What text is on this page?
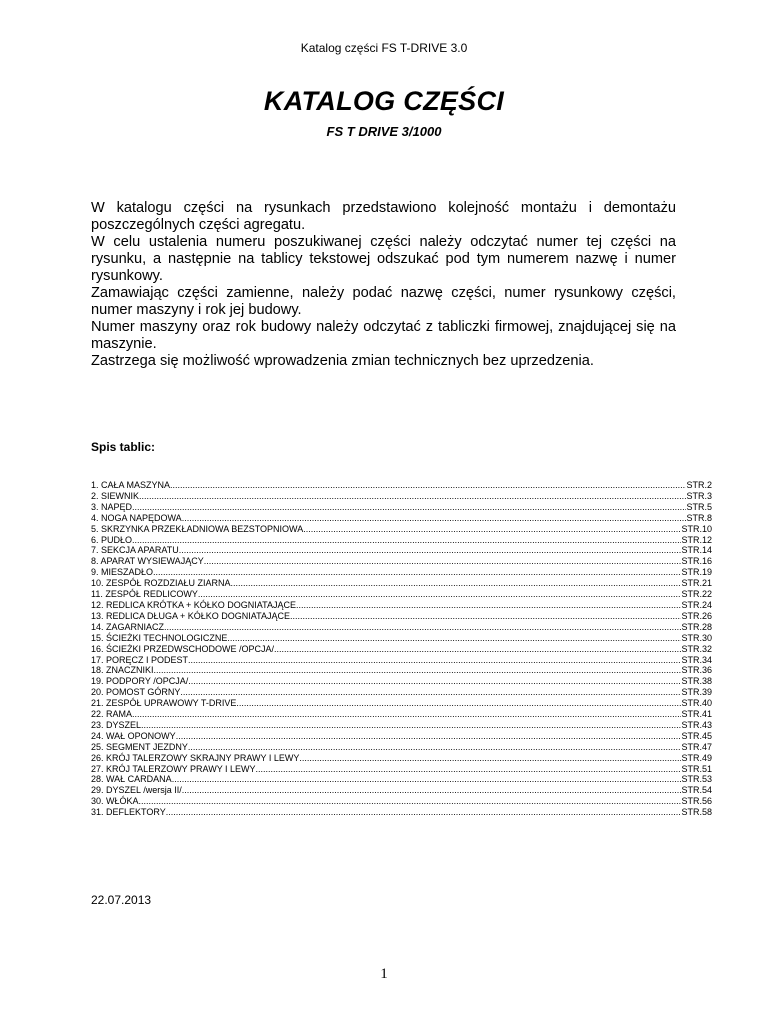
Katalog części FS T-DRIVE 3.0
KATALOG CZĘŚCI
FS T DRIVE 3/1000

W katalogu części na rysunkach przedstawiono kolejność montażu i demontażu poszczególnych części agregatu.

W celu ustalenia numeru poszukiwanej części należy odczytać numer tej części na rysunku, a następnie na tablicy tekstowej odszukać pod tym numerem nazwę i numer rysunkowy.

Zamawiając części zamienne, należy podać nazwę części, numer rysunkowy części, numer maszyny i rok jej budowy.

Numer maszyny oraz rok budowy należy odczytać z tabliczki firmowej, znajdującej się na maszynie.

Zastrzega się możliwość wprowadzenia zmian technicznych bez uprzedzenia.

Spis tablic:
1. CAŁA MASZYNA .....	STR.2
2. SIEWNIK .....	STR.3
3. NAPĘD .....	STR.5
4. NOGA NAPĘDOWA .....	STR.8
5. SKRZYNKA PRZEKŁADNIOWA BEZSTOPNIOWA .....	STR.10
6. PUDŁO .....	STR.12
7. SEKCJA APARATU. .....	STR.14
8. APARAT WYSIEWAJĄCY .....	STR.16
9. MIESZADŁO .....	STR.19
10. ZESPÓŁ ROZDZIAŁU ZIARNA .....	STR.21
11. ZESPÓŁ REDLICOWY .....	STR.22
12. REDLICA KRÓTKA + KÓŁKO DOGNIATAJĄCE .....	STR.24
13. REDLICA DŁUGA + KÓŁKO DOGNIATAJĄCE .....	STR.26
14. ZAGARNIACZ .....	STR.28
15. ŚCIEŻKI TECHNOLOGICZNE .....	STR.30
16. ŚCIEŻKI PRZEDWSCHODOWE /OPCJA/ .....	STR.32
17. PORĘCZ I PODEST .....	STR.34
18. ZNACZNIKI .....	STR.36
19. PODPORY /OPCJA/ .....	STR.38
20. POMOST GÓRNY .....	STR.39
21. ZESPÓŁ UPRAWOWY T-DRIVE .....	STR.40
22. RAMA .....	STR.41
23. DYSZEL .....	STR.43
24. WAŁ OPONOWY .....	STR.45
25. SEGMENT JEZDNY .....	STR.47
26. KRÓJ TALERZOWY SKRAJNY PRAWY I LEWY .....	STR.49
27. KRÓJ TALERZOWY PRAWY I LEWY .....	STR.51
28. WAŁ CARDANA .....	STR.53
29. DYSZEL /wersja II/ .....	STR.54
30. WŁÓKA .....	STR.56
31. DEFLEKTORY .....	STR.58
22.07.2013
1
